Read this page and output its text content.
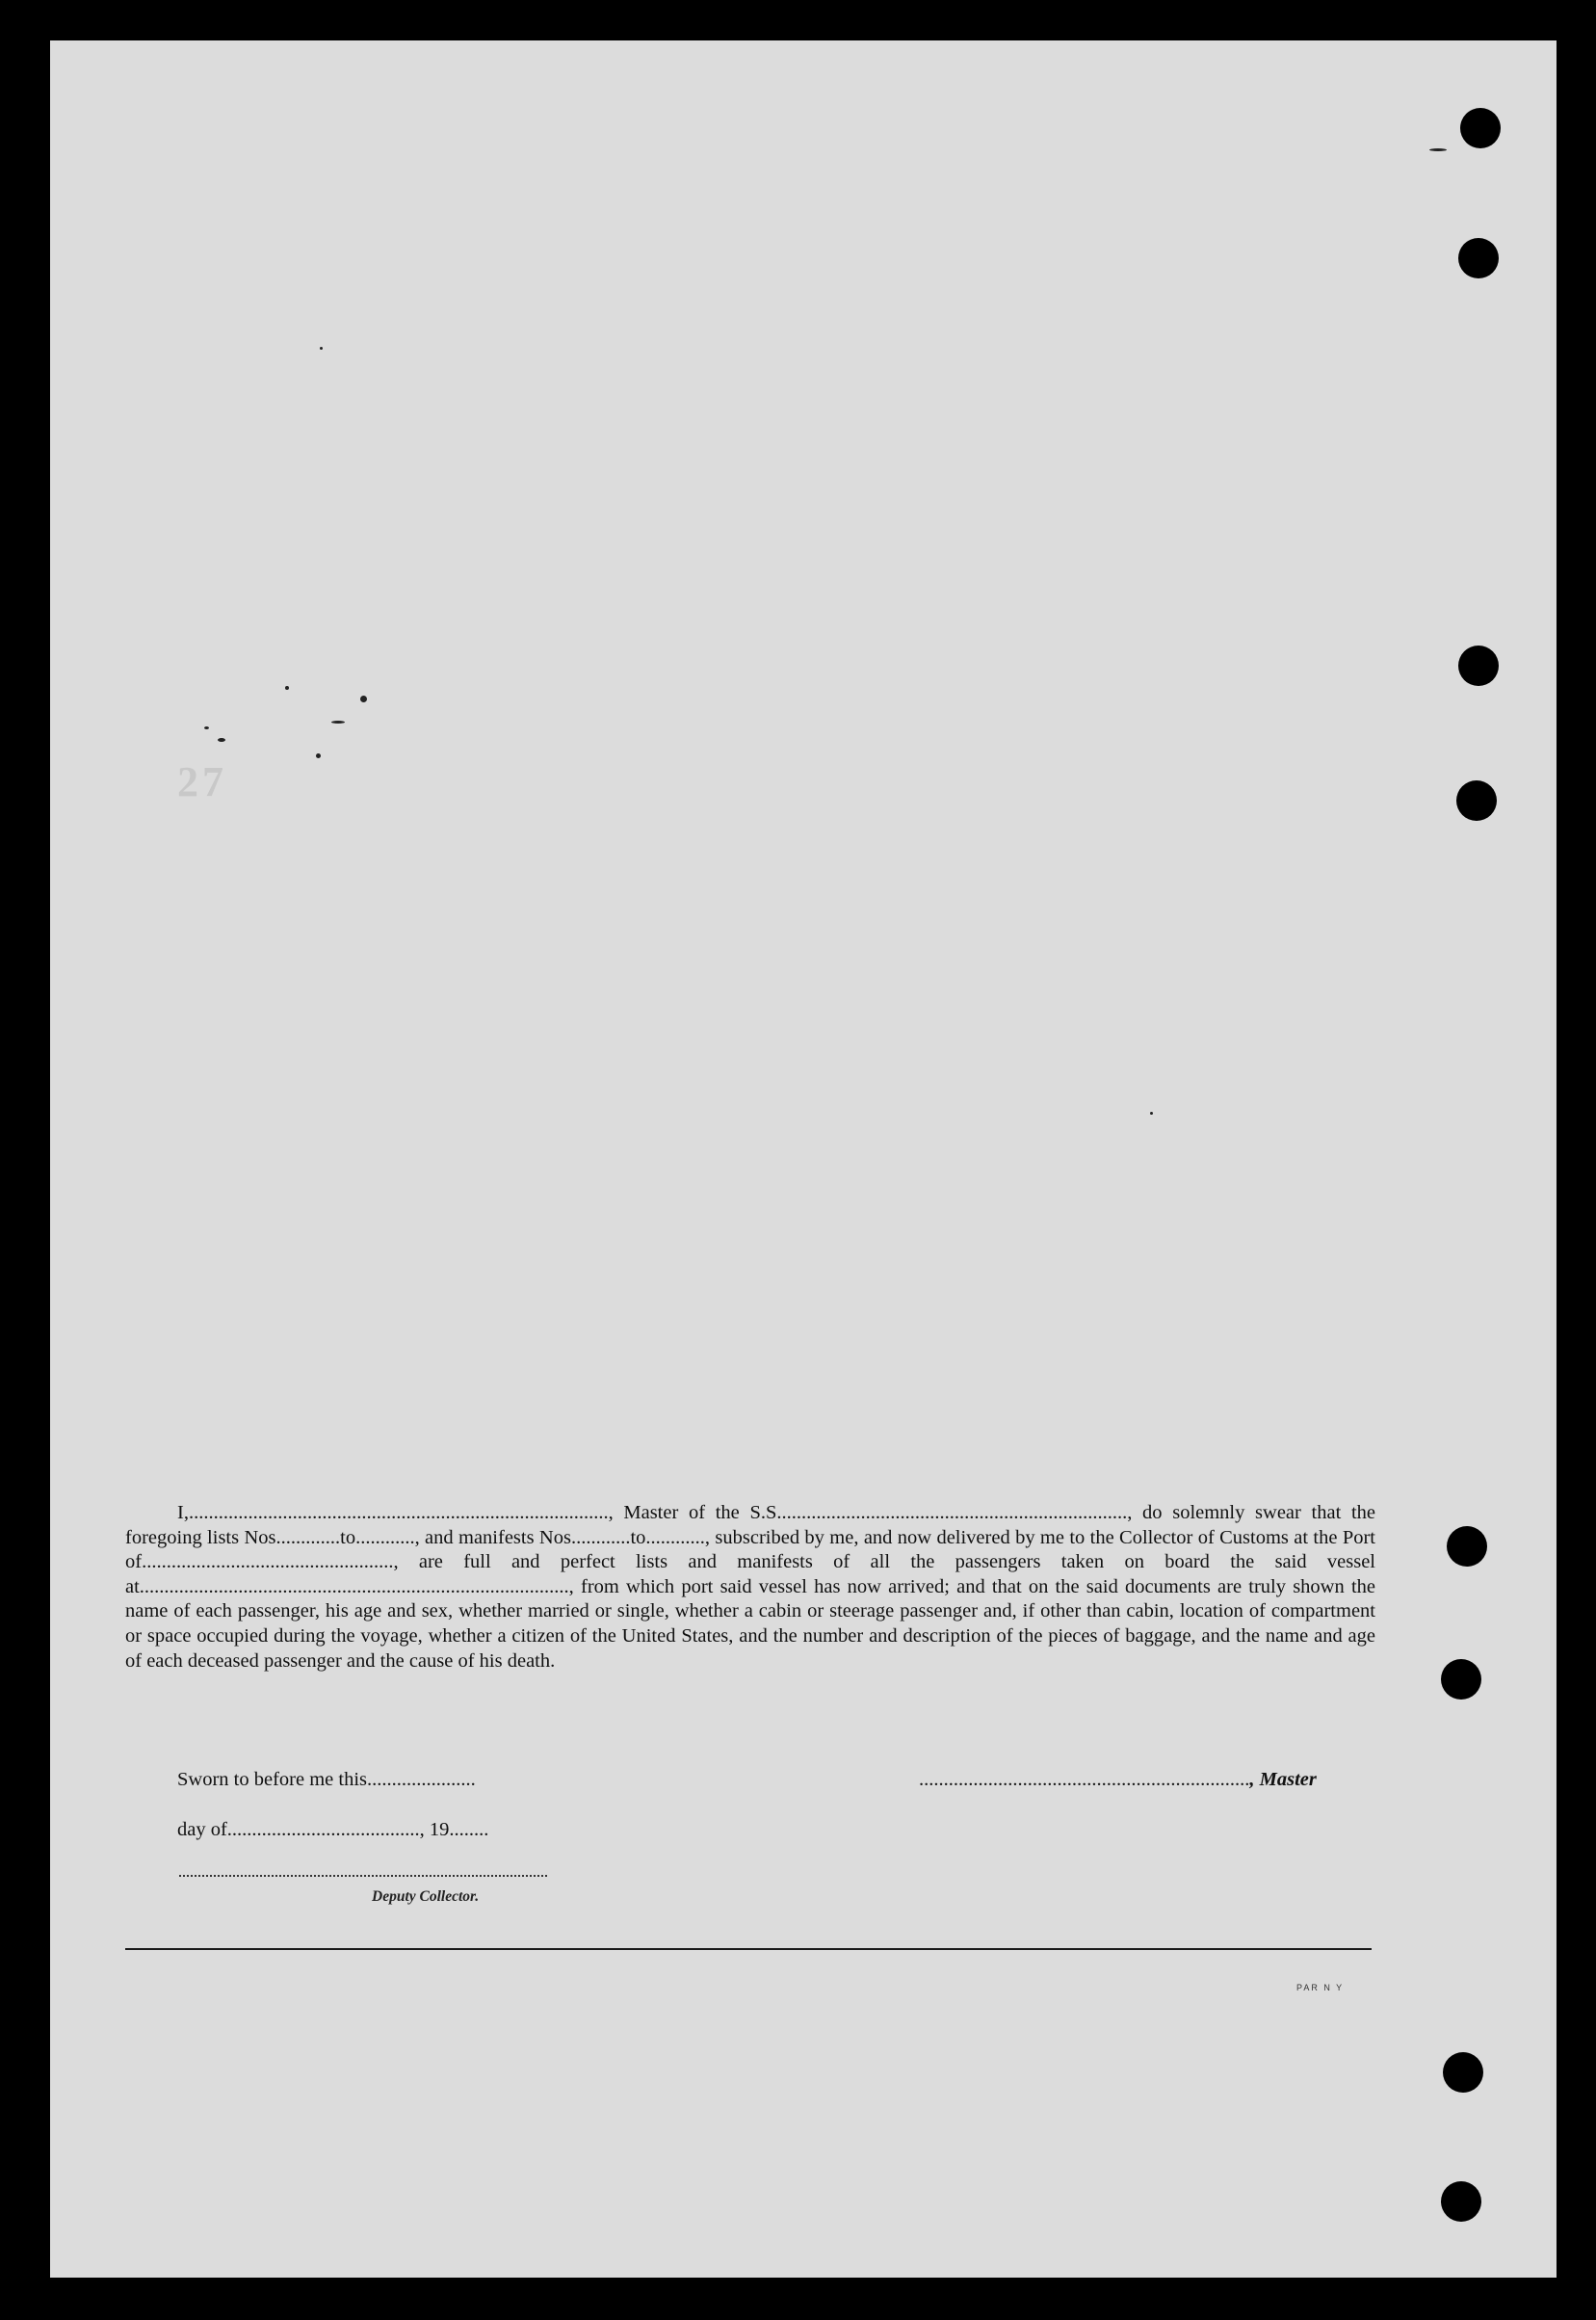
27

I,....................................................................................., Master of the S.S......................................................................., do solemnly swear that the foregoing lists Nos.............to............, and manifests Nos............to............, subscribed by me, and now delivered by me to the Collector of Customs at the Port of..................................................., are full and perfect lists and manifests of all the passengers taken on board the said vessel at......................................................................................., from which port said vessel has now arrived; and that on the said documents are truly shown the name of each passenger, his age and sex, whether married or single, whether a cabin or steerage passenger and, if other than cabin, location of compartment or space occupied during the voyage, whether a citizen of the United States, and the number and description of the pieces of baggage, and the name and age of each deceased passenger and the cause of his death.

Sworn to before me this......................	..................................................................., Master
day of......................................., 19........
Deputy Collector.
PAR N Y
